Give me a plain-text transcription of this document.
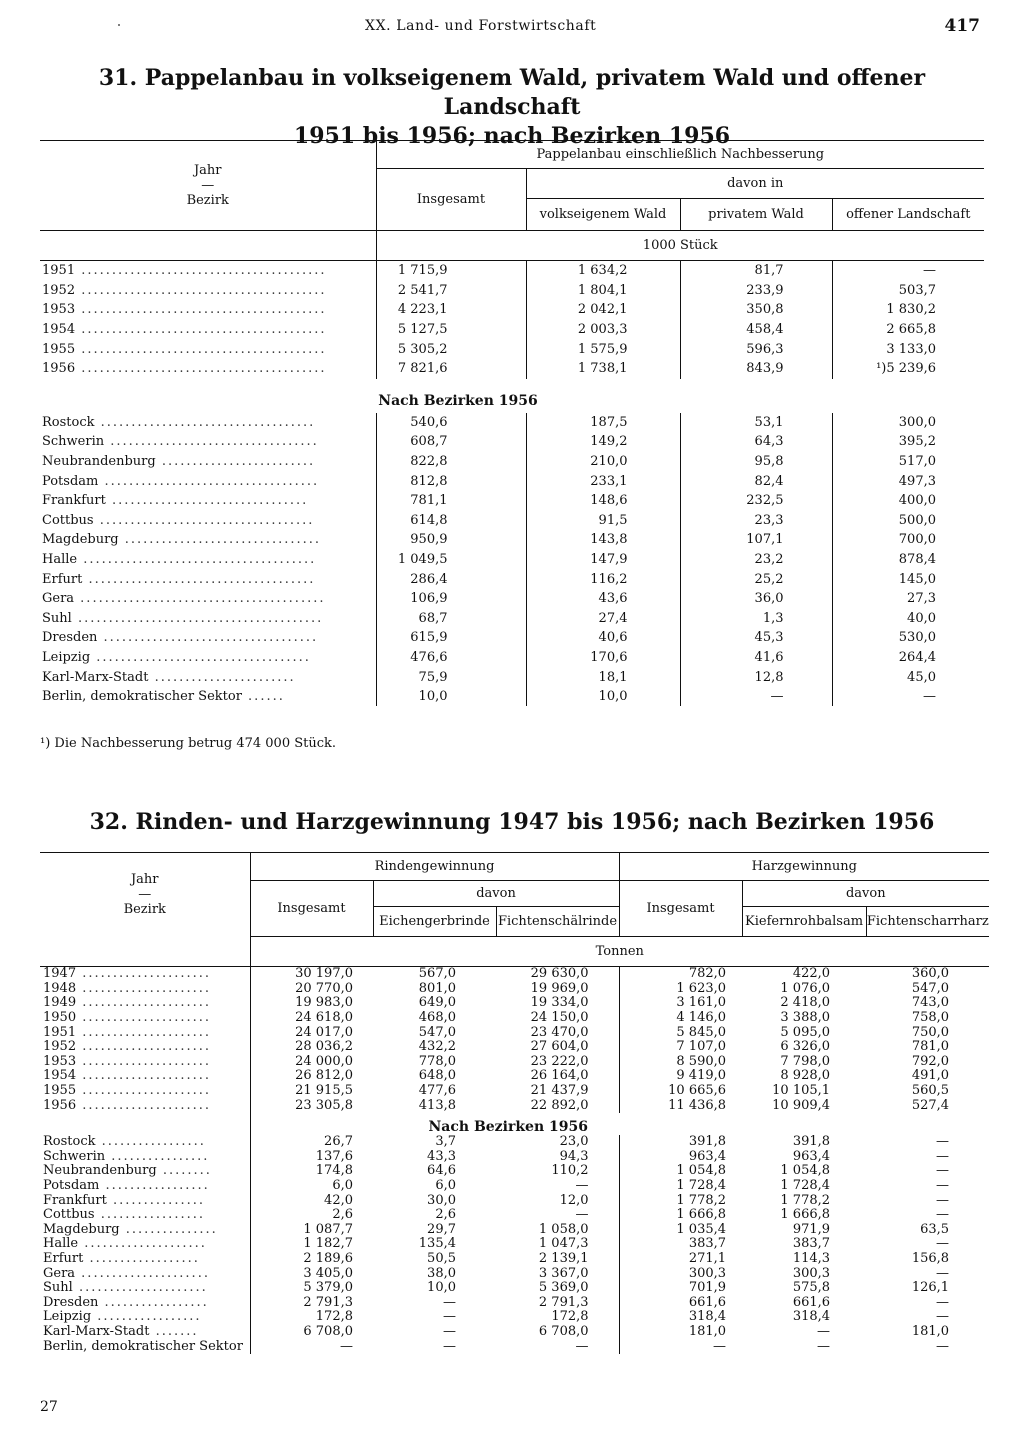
XX. Land- und Forstwirtschaft	417
31. Pappelanbau in volkseigenem Wald, privatem Wald und offener Landschaft
1951 bis 1956; nach Bezirken 1956
Jahr
—
Bezirk	Pappelanbau einschließlich Nachbesserung			
	Insgesamt	davon in		
		volkseigenem Wald	privatem Wald	offener Landschaft
	1000 Stück			
1951 ........................................	1 715,9	1 634,2	81,7	—
1952 ........................................	2 541,7	1 804,1	233,9	503,7
1953 ........................................	4 223,1	2 042,1	350,8	1 830,2
1954 ........................................	5 127,5	2 003,3	458,4	2 665,8
1955 ........................................	5 305,2	1 575,9	596,3	3 133,0
1956 ........................................	7 821,6	1 738,1	843,9	¹)5 239,6
	Nach Bezirken 1956			
Rostock ...................................	540,6	187,5	53,1	300,0
Schwerin ..................................	608,7	149,2	64,3	395,2
Neubrandenburg .........................	822,8	210,0	95,8	517,0
Potsdam ...................................	812,8	233,1	82,4	497,3
Frankfurt ................................	781,1	148,6	232,5	400,0
Cottbus ...................................	614,8	91,5	23,3	500,0
Magdeburg ................................	950,9	143,8	107,1	700,0
Halle ......................................	1 049,5	147,9	23,2	878,4
Erfurt .....................................	286,4	116,2	25,2	145,0
Gera ........................................	106,9	43,6	36,0	27,3
Suhl ........................................	68,7	27,4	1,3	40,0
Dresden ...................................	615,9	40,6	45,3	530,0
Leipzig ...................................	476,6	170,6	41,6	264,4
Karl-Marx-Stadt .......................	75,9	18,1	12,8	45,0
Berlin, demokratischer Sektor ......	10,0	10,0	—	—
¹) Die Nachbesserung betrug 474 000 Stück.
32. Rinden- und Harzgewinnung 1947 bis 1956; nach Bezirken 1956
Jahr
—
Bezirk	Rindengewinnung			Harzgewinnung		
	Insgesamt	davon		Insgesamt	davon	
		Eichengerbrinde	Fichtenschälrinde		Kiefernrohbalsam	Fichtenscharrharz
	Tonnen					
1947 .....................	30 197,0	567,0	29 630,0	782,0	422,0	360,0
1948 .....................	20 770,0	801,0	19 969,0	1 623,0	1 076,0	547,0
1949 .....................	19 983,0	649,0	19 334,0	3 161,0	2 418,0	743,0
1950 .....................	24 618,0	468,0	24 150,0	4 146,0	3 388,0	758,0
1951 .....................	24 017,0	547,0	23 470,0	5 845,0	5 095,0	750,0
1952 .....................	28 036,2	432,2	27 604,0	7 107,0	6 326,0	781,0
1953 .....................	24 000,0	778,0	23 222,0	8 590,0	7 798,0	792,0
1954 .....................	26 812,0	648,0	26 164,0	9 419,0	8 928,0	491,0
1955 .....................	21 915,5	477,6	21 437,9	10 665,6	10 105,1	560,5
1956 .....................	23 305,8	413,8	22 892,0	11 436,8	10 909,4	527,4
	Nach Bezirken 1956					
Rostock .................	26,7	3,7	23,0	391,8	391,8	—
Schwerin ................	137,6	43,3	94,3	963,4	963,4	—
Neubrandenburg ........	174,8	64,6	110,2	1 054,8	1 054,8	—
Potsdam .................	6,0	6,0	—	1 728,4	1 728,4	—
Frankfurt ...............	42,0	30,0	12,0	1 778,2	1 778,2	—
Cottbus .................	2,6	2,6	—	1 666,8	1 666,8	—
Magdeburg ...............	1 087,7	29,7	1 058,0	1 035,4	971,9	63,5
Halle ....................	1 182,7	135,4	1 047,3	383,7	383,7	—
Erfurt ..................	2 189,6	50,5	2 139,1	271,1	114,3	156,8
Gera .....................	3 405,0	38,0	3 367,0	300,3	300,3	—
Suhl .....................	5 379,0	10,0	5 369,0	701,9	575,8	126,1
Dresden .................	2 791,3	—	2 791,3	661,6	661,6	—
Leipzig .................	172,8	—	172,8	318,4	318,4	—
Karl-Marx-Stadt .......	6 708,0	—	6 708,0	181,0	—	181,0
Berlin, demokratischer Sektor	—	—	—	—	—	—
27
